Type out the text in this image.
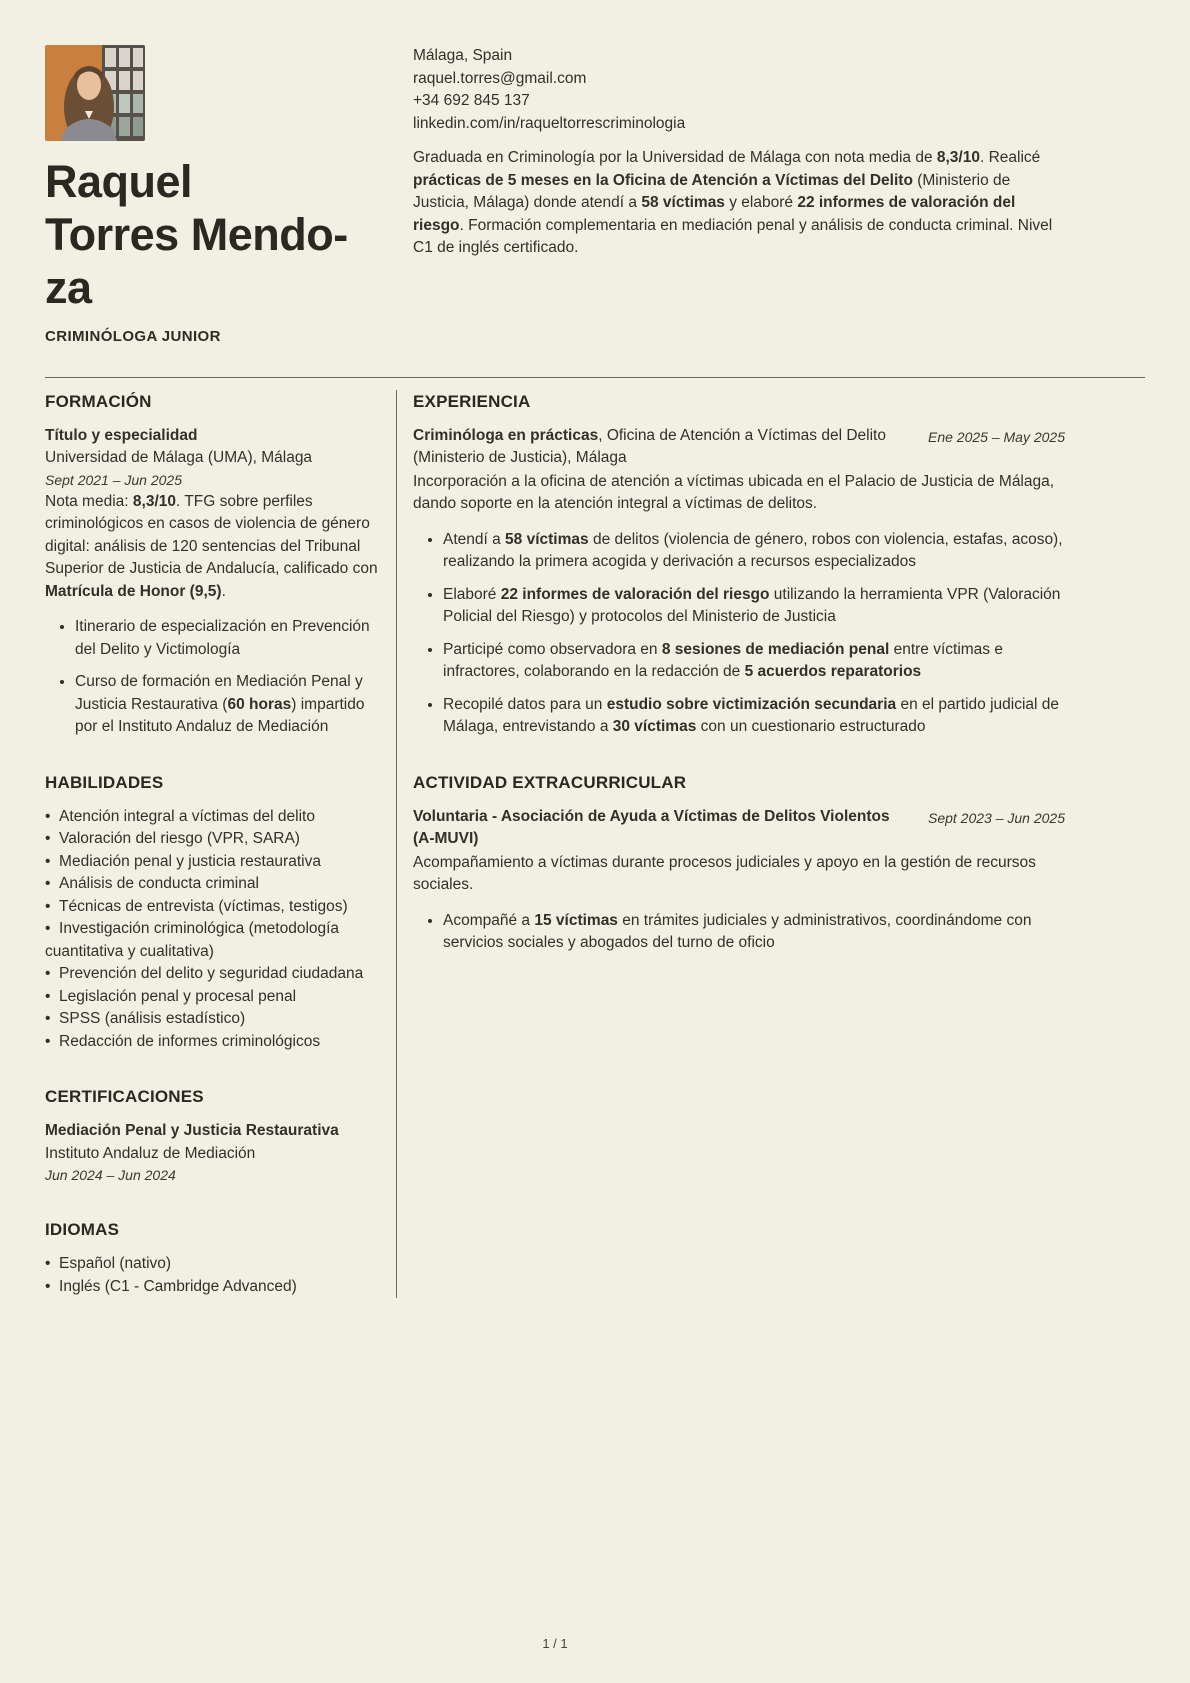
Raquel
Torres Mendo-
za
CRIMINÓLOGA JUNIOR
Málaga, Spain
raquel.torres@gmail.com
+34 692 845 137
linkedin.com/in/raqueltorrescriminologia

Graduada en Criminología por la Universidad de Málaga con nota media de 8,3/10. Realicé prácticas de 5 meses en la Oficina de Atención a Víctimas del Delito (Ministerio de Justicia, Málaga) donde atendí a 58 víctimas y elaboré 22 informes de valoración del riesgo. Formación complementaria en mediación penal y análisis de conducta criminal. Nivel C1 de inglés certificado.

FORMACIÓN
Título y especialidad
Universidad de Málaga (UMA), Málaga
Sept 2021 – Jun 2025

Nota media: 8,3/10. TFG sobre perfiles criminológicos en casos de violencia de género digital: análisis de 120 sentencias del Tribunal Superior de Justicia de Andalucía, calificado con Matrícula de Honor (9,5).

• Itinerario de especialización en Prevención del Delito y Victimología
• Curso de formación en Mediación Penal y Justicia Restaurativa (60 horas) impartido por el Instituto Andaluz de Mediación
HABILIDADES
•  Atención integral a víctimas del delito
•  Valoración del riesgo (VPR, SARA)
•  Mediación penal y justicia restaurativa
•  Análisis de conducta criminal
•  Técnicas de entrevista (víctimas, testigos)
•  Investigación criminológica (metodología cuantitativa y cualitativa)
•  Prevención del delito y seguridad ciudadana
•  Legislación penal y procesal penal
•  SPSS (análisis estadístico)
•  Redacción de informes criminológicos
CERTIFICACIONES
Mediación Penal y Justicia Restaurativa
Instituto Andaluz de Mediación
Jun 2024 – Jun 2024
IDIOMAS
•  Español (nativo)
•  Inglés (C1 - Cambridge Advanced)
EXPERIENCIA
Criminóloga en prácticas, Oficina de Atención a Víctimas del Delito (Ministerio de Justicia), Málaga
Ene 2025 – May 2025

Incorporación a la oficina de atención a víctimas ubicada en el Palacio de Justicia de Málaga, dando soporte en la atención integral a víctimas de delitos.

• Atendí a 58 víctimas de delitos (violencia de género, robos con violencia, estafas, acoso), realizando la primera acogida y derivación a recursos especializados
• Elaboré 22 informes de valoración del riesgo utilizando la herramienta VPR (Valoración Policial del Riesgo) y protocolos del Ministerio de Justicia
• Participé como observadora en 8 sesiones de mediación penal entre víctimas e infractores, colaborando en la redacción de 5 acuerdos reparatorios
• Recopilé datos para un estudio sobre victimización secundaria en el partido judicial de Málaga, entrevistando a 30 víctimas con un cuestionario estructurado
ACTIVIDAD EXTRACURRICULAR
Voluntaria - Asociación de Ayuda a Víctimas de Delitos Violentos (A-MUVI)
Sept 2023 – Jun 2025

Acompañamiento a víctimas durante procesos judiciales y apoyo en la gestión de recursos sociales.

• Acompañé a 15 víctimas en trámites judiciales y administrativos, coordinándome con servicios sociales y abogados del turno de oficio
1 / 1
